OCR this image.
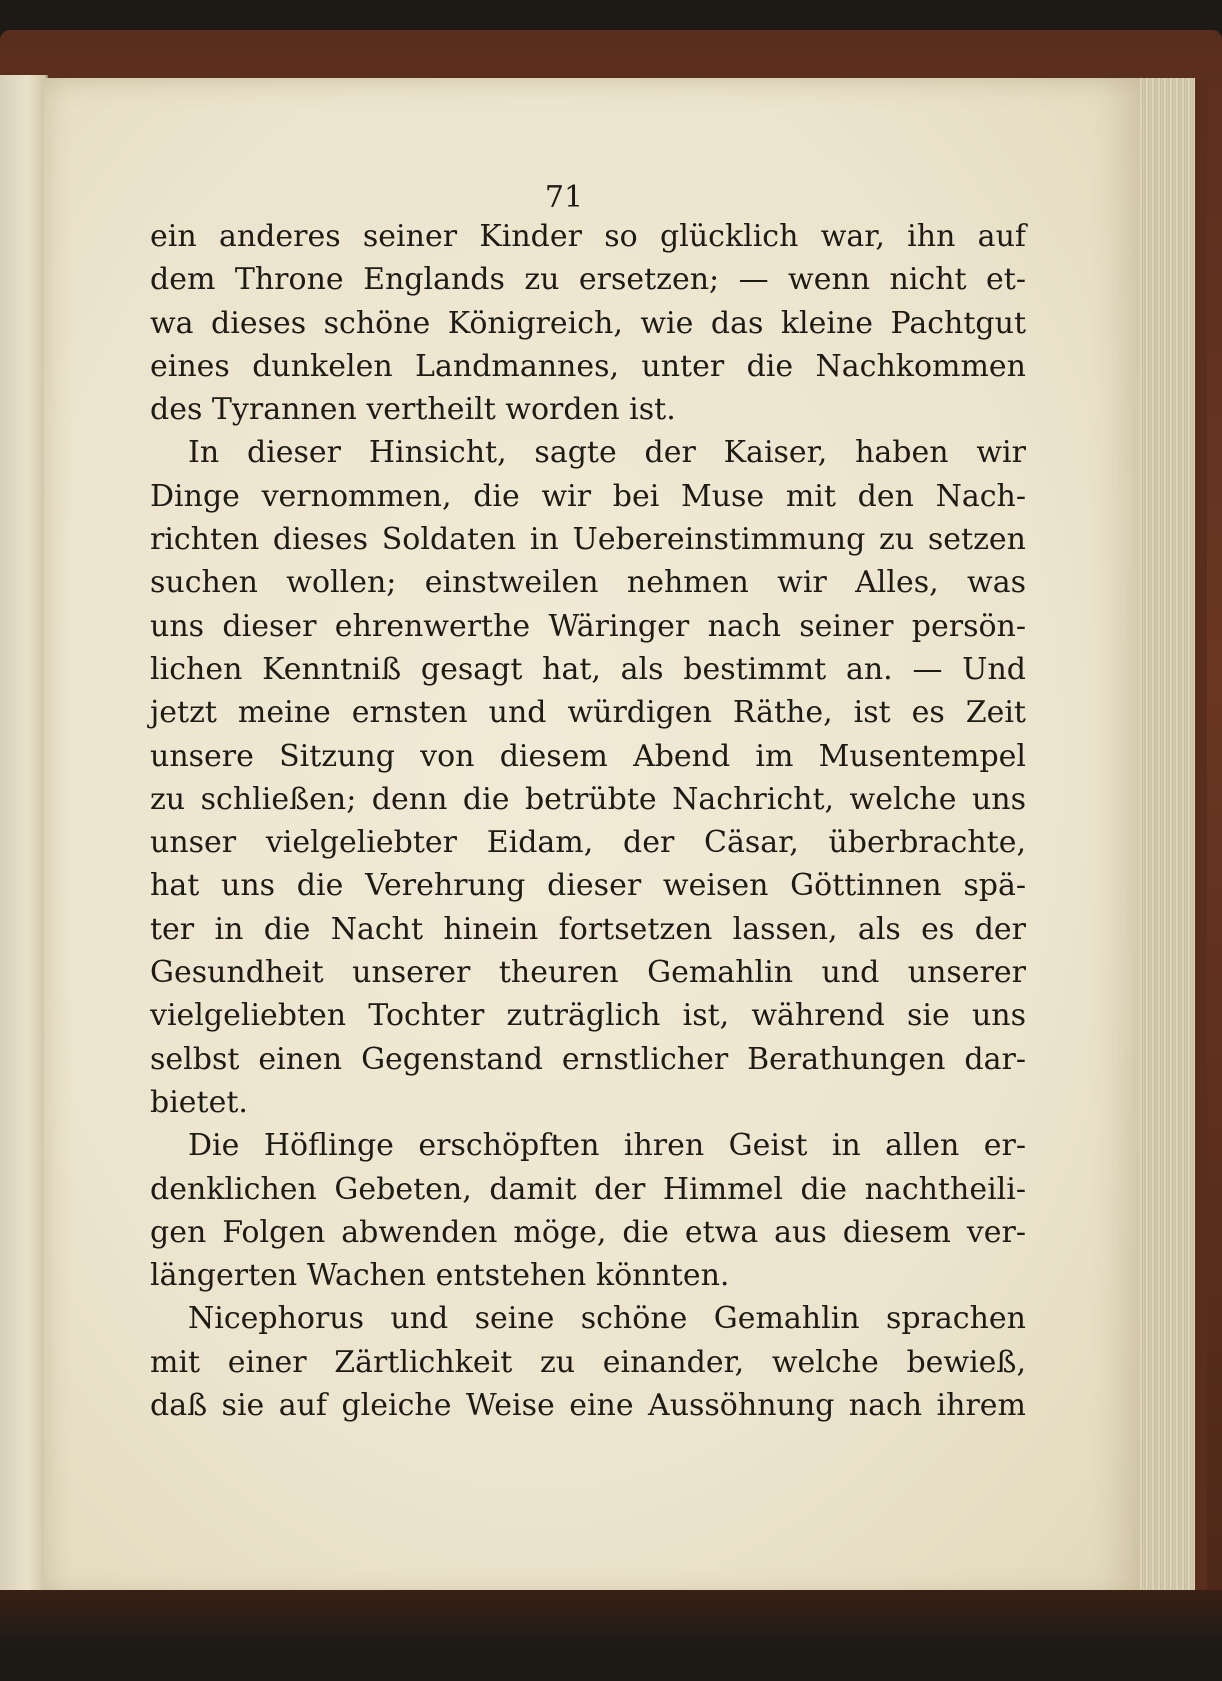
71
ein anderes seiner Kinder so glücklich war, ihn auf
dem Throne Englands zu ersetzen; — wenn nicht et-
wa dieses schöne Königreich, wie das kleine Pachtgut
eines dunkelen Landmannes, unter die Nachkommen
des Tyrannen vertheilt worden ist.
In dieser Hinsicht, sagte der Kaiser, haben wir
Dinge vernommen, die wir bei Muse mit den Nach-
richten dieses Soldaten in Uebereinstimmung zu setzen
suchen wollen; einstweilen nehmen wir Alles, was
uns dieser ehrenwerthe Wäringer nach seiner persön-
lichen Kenntniß gesagt hat, als bestimmt an. — Und
jetzt meine ernsten und würdigen Räthe, ist es Zeit
unsere Sitzung von diesem Abend im Musentempel
zu schließen; denn die betrübte Nachricht, welche uns
unser vielgeliebter Eidam, der Cäsar, überbrachte,
hat uns die Verehrung dieser weisen Göttinnen spä-
ter in die Nacht hinein fortsetzen lassen, als es der
Gesundheit unserer theuren Gemahlin und unserer
vielgeliebten Tochter zuträglich ist, während sie uns
selbst einen Gegenstand ernstlicher Berathungen dar-
bietet.
Die Höflinge erschöpften ihren Geist in allen er-
denklichen Gebeten, damit der Himmel die nachtheili-
gen Folgen abwenden möge, die etwa aus diesem ver-
längerten Wachen entstehen könnten.
Nicephorus und seine schöne Gemahlin sprachen
mit einer Zärtlichkeit zu einander, welche bewieß,
daß sie auf gleiche Weise eine Aussöhnung nach ihrem
